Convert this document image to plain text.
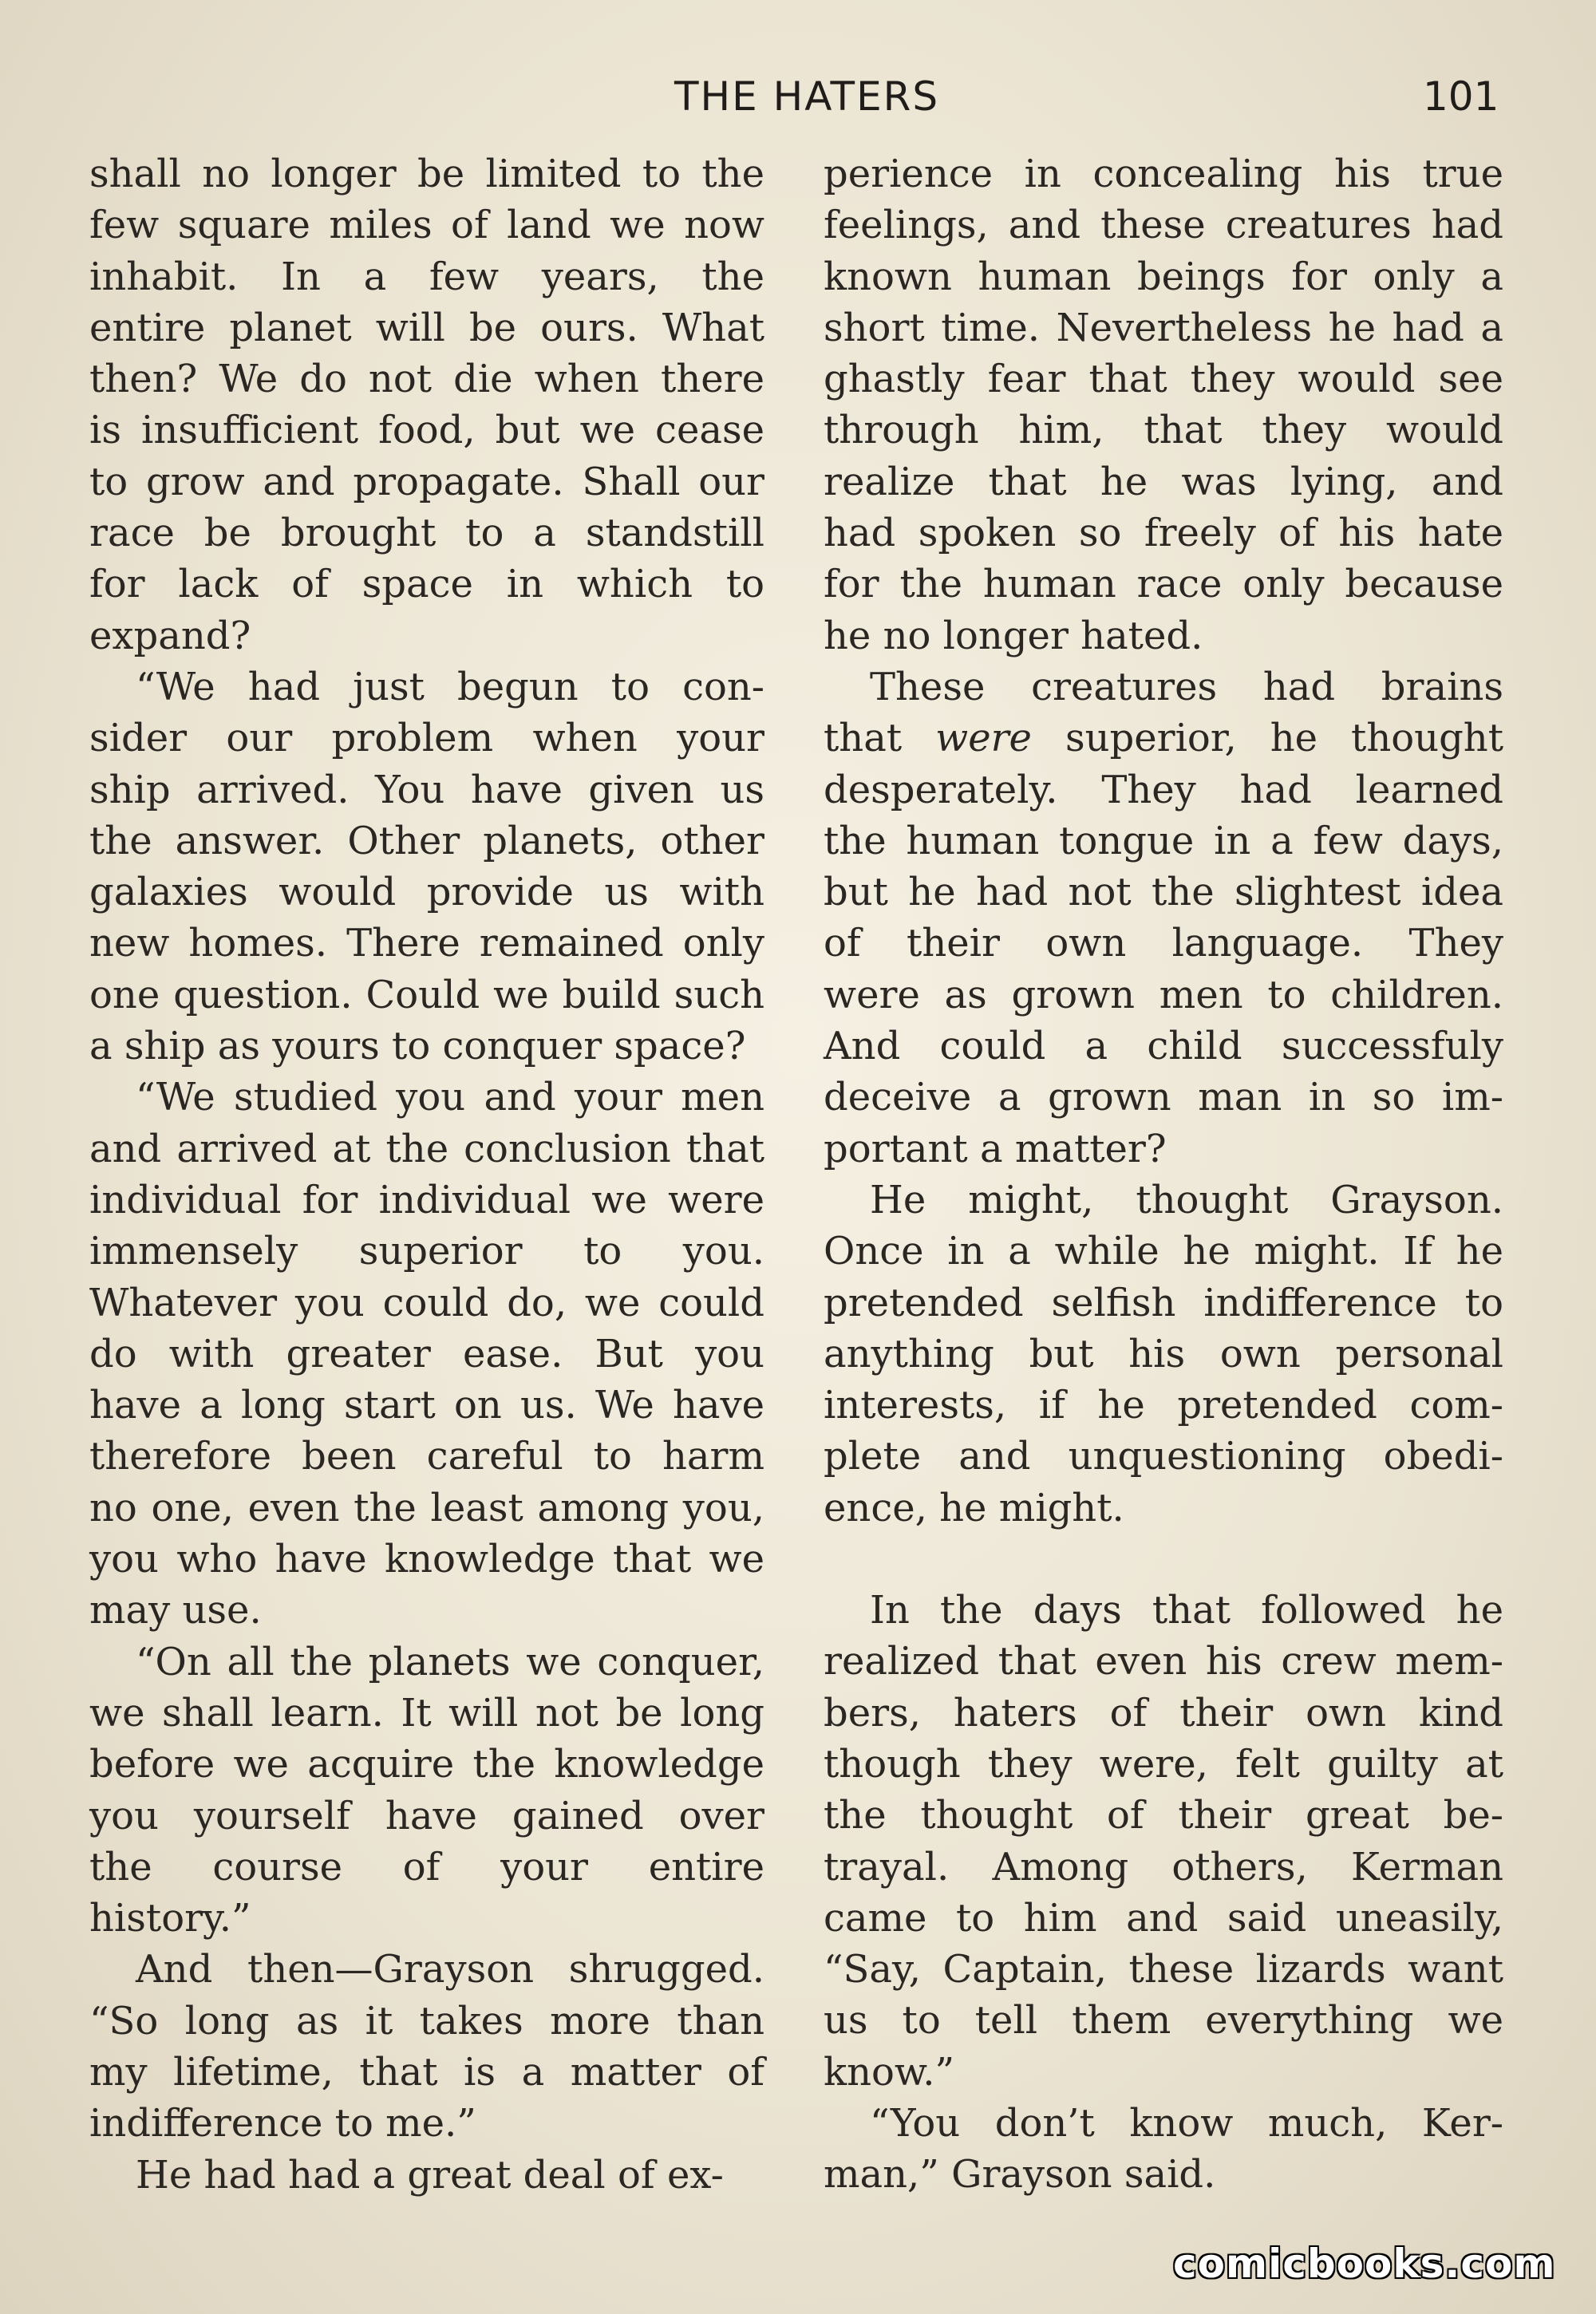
THE HATERS	101

shall no longer be limited to the
few square miles of land we now
inhabit. In a few years, the
entire planet will be ours. What
then? We do not die when there
is insufficient food, but we cease
to grow and propagate. Shall our
race be brought to a standstill
for lack of space in which to
expand?

“We had just begun to con-
sider our problem when your
ship arrived. You have given us
the answer. Other planets, other
galaxies would provide us with
new homes. There remained only
one question. Could we build such
a ship as yours to conquer space?

“We studied you and your men
and arrived at the conclusion that
individual for individual we were
immensely superior to you.
Whatever you could do, we could
do with greater ease. But you
have a long start on us. We have
therefore been careful to harm
no one, even the least among you,
you who have knowledge that we
may use.

“On all the planets we conquer,
we shall learn. It will not be long
before we acquire the knowledge
you yourself have gained over
the course of your entire
history.”

And then—Grayson shrugged.
“So long as it takes more than
my lifetime, that is a matter of
indifference to me.”

He had had a great deal of ex-

perience in concealing his true
feelings, and these creatures had
known human beings for only a
short time. Nevertheless he had a
ghastly fear that they would see
through him, that they would
realize that he was lying, and
had spoken so freely of his hate
for the human race only because
he no longer hated.

These creatures had brains
that were superior, he thought
desperately. They had learned
the human tongue in a few days,
but he had not the slightest idea
of their own language. They
were as grown men to children.
And could a child successfuly
deceive a grown man in so im-
portant a matter?

He might, thought Grayson.
Once in a while he might. If he
pretended selfish indifference to
anything but his own personal
interests, if he pretended com-
plete and unquestioning obedi-
ence, he might.

In the days that followed he
realized that even his crew mem-
bers, haters of their own kind
though they were, felt guilty at
the thought of their great be-
trayal. Among others, Kerman
came to him and said uneasily,
“Say, Captain, these lizards want
us to tell them everything we
know.”

“You don’t know much, Ker-
man,” Grayson said.

comicbooks.com
